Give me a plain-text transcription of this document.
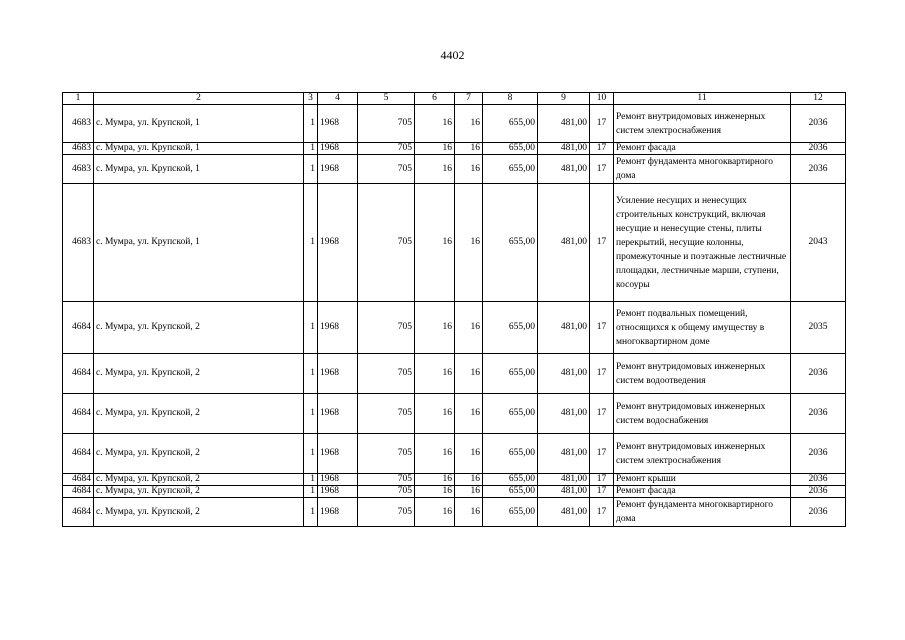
4402
1	2	3	4	5	6	7	8	9	10	11	12
4683	с. Мумра, ул. Крупской, 1	1	1968	705	16	16	655,00	481,00	17	Ремонт внутридомовых инженерных систем электроснабжения	2036
4683	с. Мумра, ул. Крупской, 1	1	1968	705	16	16	655,00	481,00	17	Ремонт фасада	2036
4683	с. Мумра, ул. Крупской, 1	1	1968	705	16	16	655,00	481,00	17	Ремонт фундамента многоквартирного дома	2036
4683	с. Мумра, ул. Крупской, 1	1	1968	705	16	16	655,00	481,00	17	Усиление несущих и ненесущих строительных конструкций, включая несущие и ненесущие стены, плиты перекрытий, несущие колонны, промежуточные и поэтажные лестничные площадки, лестничные марши, ступени, косоуры	2043
4684	с. Мумра, ул. Крупской, 2	1	1968	705	16	16	655,00	481,00	17	Ремонт подвальных помещений, относящихся к общему имуществу в многоквартирном доме	2035
4684	с. Мумра, ул. Крупской, 2	1	1968	705	16	16	655,00	481,00	17	Ремонт внутридомовых инженерных систем водоотведения	2036
4684	с. Мумра, ул. Крупской, 2	1	1968	705	16	16	655,00	481,00	17	Ремонт внутридомовых инженерных систем водоснабжения	2036
4684	с. Мумра, ул. Крупской, 2	1	1968	705	16	16	655,00	481,00	17	Ремонт внутридомовых инженерных систем электроснабжения	2036
4684	с. Мумра, ул. Крупской, 2	1	1968	705	16	16	655,00	481,00	17	Ремонт крыши	2036
4684	с. Мумра, ул. Крупской, 2	1	1968	705	16	16	655,00	481,00	17	Ремонт фасада	2036
4684	с. Мумра, ул. Крупской, 2	1	1968	705	16	16	655,00	481,00	17	Ремонт фундамента многоквартирного дома	2036
